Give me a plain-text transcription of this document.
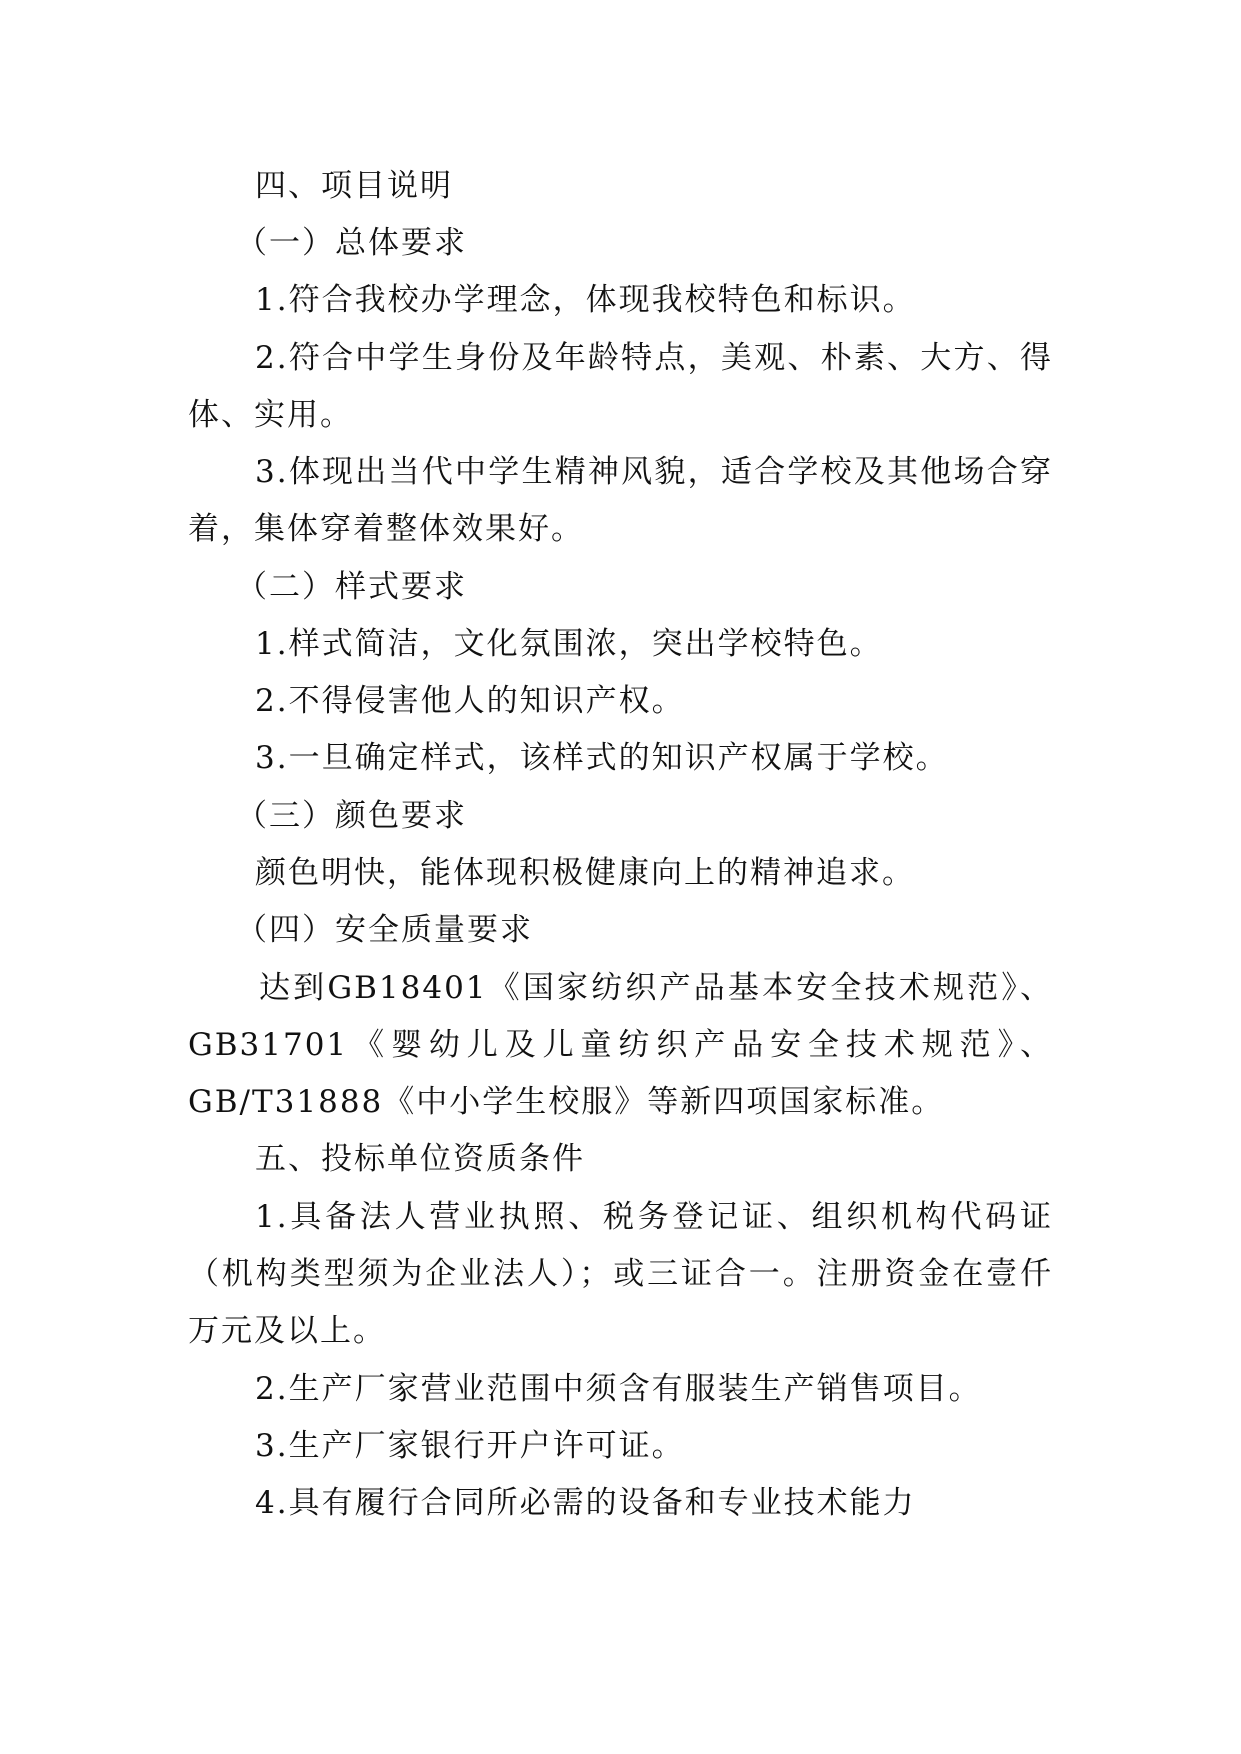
四、项目说明
（一）总体要求
1.符合我校办学理念，体现我校特色和标识。
2.符合中学生身份及年龄特点，美观、朴素、大方、得
体、实用。
3.体现出当代中学生精神风貌，适合学校及其他场合穿
着，集体穿着整体效果好。
（二）样式要求
1.样式简洁，文化氛围浓，突出学校特色。
2.不得侵害他人的知识产权。
3.一旦确定样式，该样式的知识产权属于学校。
（三）颜色要求
颜色明快，能体现积极健康向上的精神追求。
（四）安全质量要求
达到GB18401《国家纺织产品基本安全技术规范》、
GB31701《婴幼儿及儿童纺织产品安全技术规范》、
GB/T31888《中小学生校服》等新四项国家标准。
五、投标单位资质条件
1.具备法人营业执照、税务登记证、组织机构代码证
（机构类型须为企业法人）；或三证合一。注册资金在壹仟
万元及以上。
2.生产厂家营业范围中须含有服装生产销售项目。
3.生产厂家银行开户许可证。
4.具有履行合同所必需的设备和专业技术能力
